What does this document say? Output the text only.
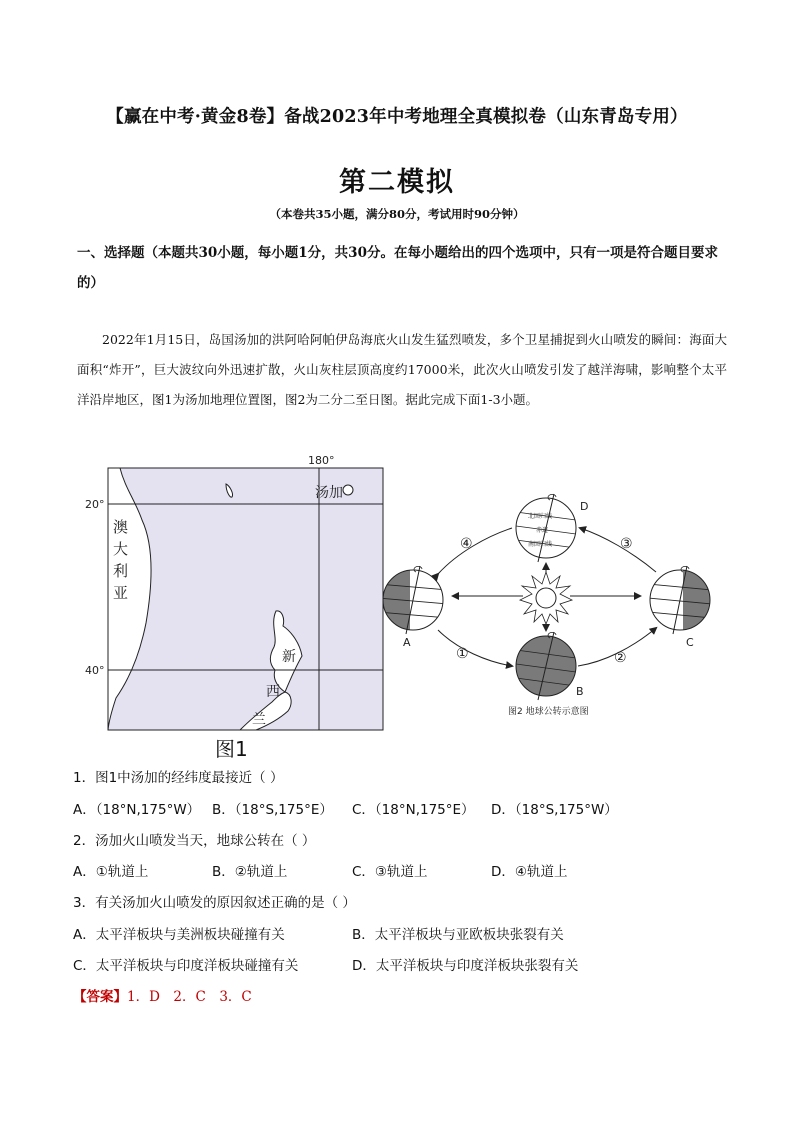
【赢在中考·黄金8卷】备战2023年中考地理全真模拟卷（山东青岛专用）
第二模拟
（本卷共35小题，满分80分，考试用时90分钟）
一、选择题（本题共30小题，每小题1分，共30分。在每小题给出的四个选项中，只有一项是符合题目要求的）
2022年1月15日，岛国汤加的洪阿哈阿帕伊岛海底火山发生猛烈喷发，多个卫星捕捉到火山喷发的瞬间：海面大面积“炸开”，巨大波纹向外迅速扩散，火山灰柱层顶高度约17000米，此次火山喷发引发了越洋海啸，影响整个太平洋沿岸地区，图1为汤加地理位置图，图2为二分二至日图。据此完成下面1-3小题。
180°
20°
40°
汤加
澳
大
利
亚
新
西
兰
图1
北回归线
赤道
南回归线
A
B
C
D
①	②
③
④
图2 地球公转示意图
1．图1中汤加的经纬度最接近（ ）
A．（18°N,175°W） B．（18°S,175°E） C．（18°N,175°E） D．（18°S,175°W）
2．汤加火山喷发当天，地球公转在（ ）
A．①轨道上	B．②轨道上	C．③轨道上	D．④轨道上
3．有关汤加火山喷发的原因叙述正确的是（ ）
A．太平洋板块与美洲板块碰撞有关	B．太平洋板块与亚欧板块张裂有关
C．太平洋板块与印度洋板块碰撞有关	D．太平洋板块与印度洋板块张裂有关
【答案】1．D　2．C　3．C
